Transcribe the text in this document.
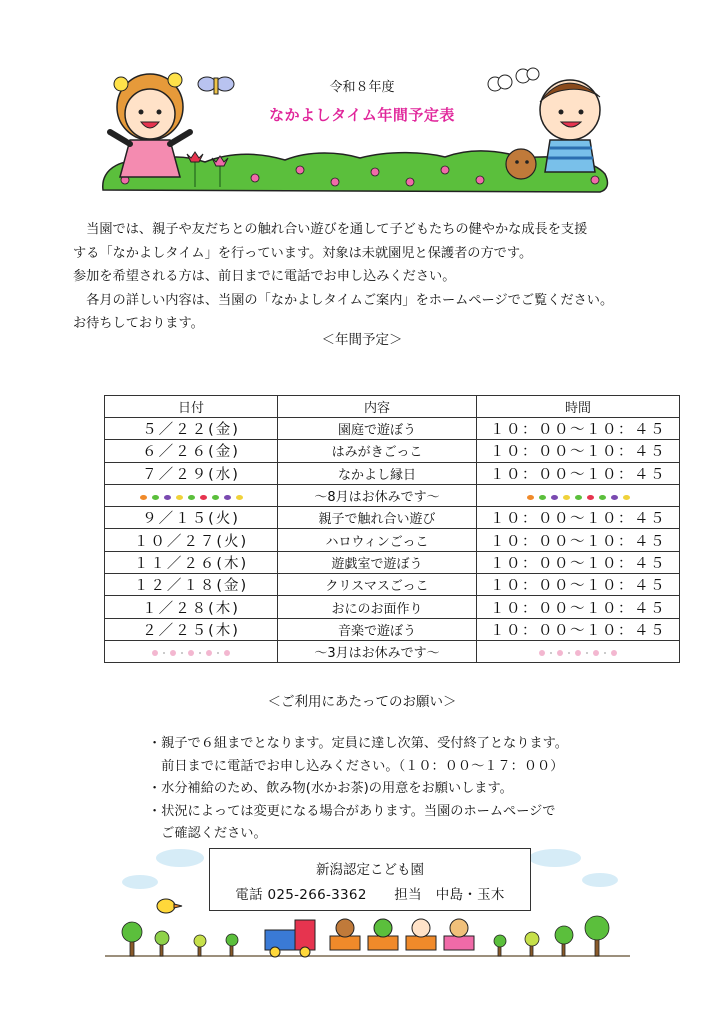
令和８年度
なかよしタイム年間予定表

　当園では、親子や友だちとの触れ合い遊びを通して子どもたちの健やかな成長を支援

する「なかよしタイム」を行っています。対象は未就園児と保護者の方です。

参加を希望される方は、前日までに電話でお申し込みください。

　各月の詳しい内容は、当園の「なかよしタイムご案内」をホームページでご覧ください。

お待ちしております。

＜年間予定＞
日付	内容	時間
５／２２(金)	園庭で遊ぼう	１０：００～１０：４５
６／２６(金)	はみがきごっこ	１０：００～１０：４５
７／２９(水)	なかよし縁日	１０：００～１０：４５

	～8月はお休みです～	

９／１５(火)	親子で触れ合い遊び	１０：００～１０：４５
１０／２７(火)	ハロウィンごっこ	１０：００～１０：４５
１１／２６(木)	遊戯室で遊ぼう	１０：００～１０：４５
１２／１８(金)	クリスマスごっこ	１０：００～１０：４５
１／２８(木)	おにのお面作り	１０：００～１０：４５
２／２５(木)	音楽で遊ぼう	１０：００～１０：４５

	～3月はお休みです～	
＜ご利用にあたってのお願い＞

・親子で６組までとなります。定員に達し次第、受付終了となります。

　前日までに電話でお申し込みください。（１０：００～１７：００）

・水分補給のため、飲み物(水かお茶)の用意をお願いします。

・状況によっては変更になる場合があります。当園のホームページで

　ご確認ください。

新潟認定こども園
電話 025-266-3362　　担当　中島・玉木
